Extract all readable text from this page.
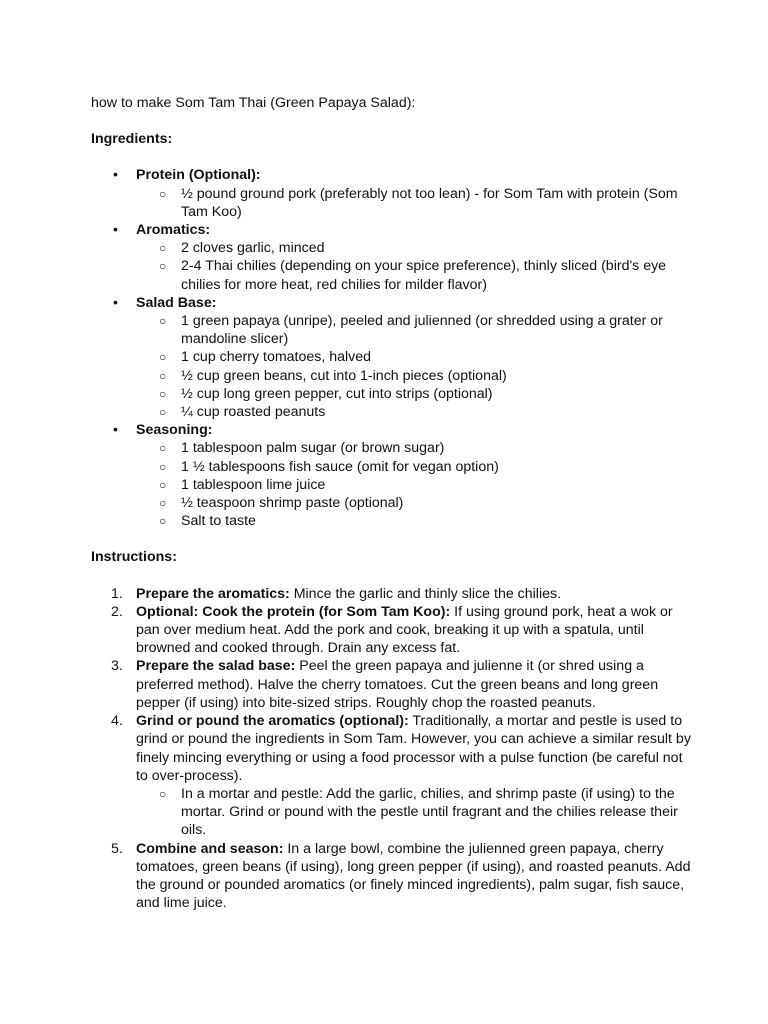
how to make Som Tam Thai (Green Papaya Salad):

Ingredients:

• Protein (Optional):
○ ½ pound ground pork (preferably not too lean) - for Som Tam with protein (Som Tam Koo)
• Aromatics:
○ 2 cloves garlic, minced
○ 2-4 Thai chilies (depending on your spice preference), thinly sliced (bird's eye chilies for more heat, red chilies for milder flavor)
• Salad Base:
○ 1 green papaya (unripe), peeled and julienned (or shredded using a grater or mandoline slicer)
○ 1 cup cherry tomatoes, halved
○ ½ cup green beans, cut into 1-inch pieces (optional)
○ ½ cup long green pepper, cut into strips (optional)
○ ¼ cup roasted peanuts
• Seasoning:
○ 1 tablespoon palm sugar (or brown sugar)
○ 1 ½ tablespoons fish sauce (omit for vegan option)
○ 1 tablespoon lime juice
○ ½ teaspoon shrimp paste (optional)
○ Salt to taste

Instructions:

1. Prepare the aromatics: Mince the garlic and thinly slice the chilies.
2. Optional: Cook the protein (for Som Tam Koo): If using ground pork, heat a wok or pan over medium heat. Add the pork and cook, breaking it up with a spatula, until browned and cooked through. Drain any excess fat.
3. Prepare the salad base: Peel the green papaya and julienne it (or shred using a preferred method). Halve the cherry tomatoes. Cut the green beans and long green pepper (if using) into bite-sized strips. Roughly chop the roasted peanuts.
4. Grind or pound the aromatics (optional): Traditionally, a mortar and pestle is used to grind or pound the ingredients in Som Tam. However, you can achieve a similar result by finely mincing everything or using a food processor with a pulse function (be careful not to over-process).
○ In a mortar and pestle: Add the garlic, chilies, and shrimp paste (if using) to the mortar. Grind or pound with the pestle until fragrant and the chilies release their oils.
5. Combine and season: In a large bowl, combine the julienned green papaya, cherry tomatoes, green beans (if using), long green pepper (if using), and roasted peanuts. Add the ground or pounded aromatics (or finely minced ingredients), palm sugar, fish sauce, and lime juice.
